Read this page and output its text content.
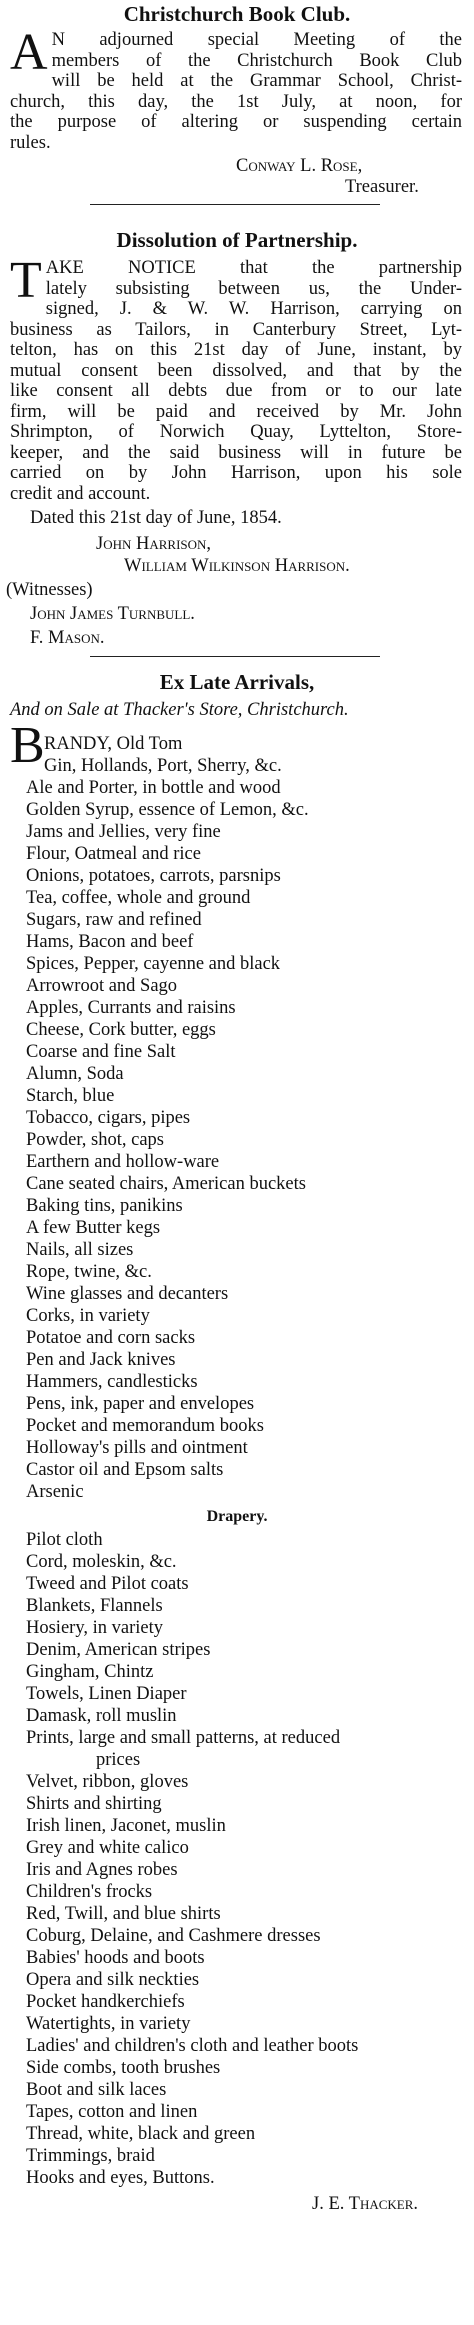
Christchurch Book Club.
A N adjourned special Meeting of the
members of the Christchurch Book Club
will be held at the Grammar School, Christ-
church, this day, the 1st July, at noon, for
the purpose of altering or suspending certain
rules.
Conway L. Rose,
Treasurer.
Dissolution of Partnership.
T AKE NOTICE that the partnership
lately subsisting between us, the Under-
signed, J. & W. W. Harrison, carrying on
business as Tailors, in Canterbury Street, Lyt-
telton, has on this 21st day of June, instant, by
mutual consent been dissolved, and that by the
like consent all debts due from or to our late
firm, will be paid and received by Mr. John
Shrimpton, of Norwich Quay, Lyttelton, Store-
keeper, and the said business will in future be
carried on by John Harrison, upon his sole
credit and account.
Dated this 21st day of June, 1854.
John Harrison,
William Wilkinson Harrison.
(Witnesses)
John James Turnbull.
F. Mason.
Ex Late Arrivals,
And on Sale at Thacker's Store, Christchurch.
B RANDY, Old Tom
Gin, Hollands, Port, Sherry, &c.
Ale and Porter, in bottle and wood
Golden Syrup, essence of Lemon, &c.
Jams and Jellies, very fine
Flour, Oatmeal and rice
Onions, potatoes, carrots, parsnips
Tea, coffee, whole and ground
Sugars, raw and refined
Hams, Bacon and beef
Spices, Pepper, cayenne and black
Arrowroot and Sago
Apples, Currants and raisins
Cheese, Cork butter, eggs
Coarse and fine Salt
Alumn, Soda
Starch, blue
Tobacco, cigars, pipes
Powder, shot, caps
Earthern and hollow-ware
Cane seated chairs, American buckets
Baking tins, panikins
A few Butter kegs
Nails, all sizes
Rope, twine, &c.
Wine glasses and decanters
Corks, in variety
Potatoe and corn sacks
Pen and Jack knives
Hammers, candlesticks
Pens, ink, paper and envelopes
Pocket and memorandum books
Holloway's pills and ointment
Castor oil and Epsom salts
Arsenic
Drapery.
Pilot cloth
Cord, moleskin, &c.
Tweed and Pilot coats
Blankets, Flannels
Hosiery, in variety
Denim, American stripes
Gingham, Chintz
Towels, Linen Diaper
Damask, roll muslin
Prints, large and small patterns, at reduced
prices
Velvet, ribbon, gloves
Shirts and shirting
Irish linen, Jaconet, muslin
Grey and white calico
Iris and Agnes robes
Children's frocks
Red, Twill, and blue shirts
Coburg, Delaine, and Cashmere dresses
Babies' hoods and boots
Opera and silk neckties
Pocket handkerchiefs
Watertights, in variety
Ladies' and children's cloth and leather boots
Side combs, tooth brushes
Boot and silk laces
Tapes, cotton and linen
Thread, white, black and green
Trimmings, braid
Hooks and eyes, Buttons.
J. E. Thacker.
